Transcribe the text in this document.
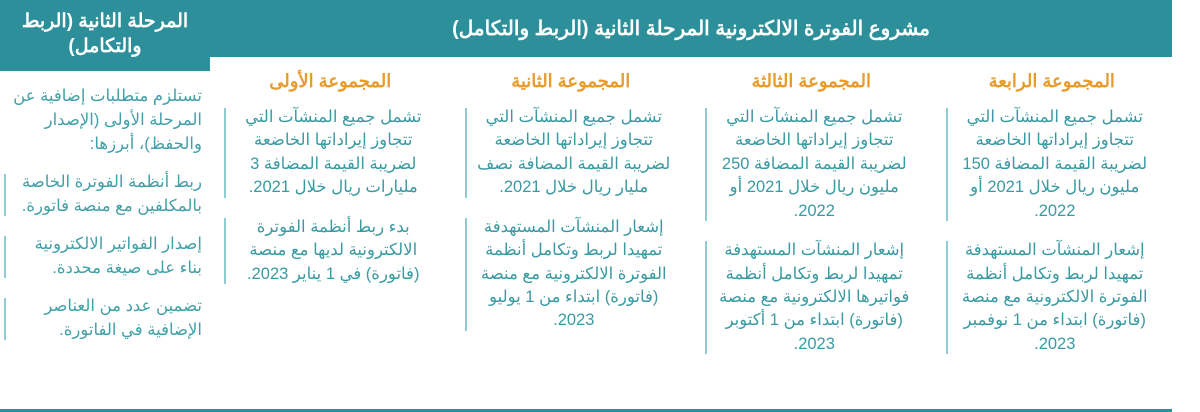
مشروع الفوترة الالكترونية المرحلة الثانية (الربط والتكامل)
المجموعة الرابعة
تشمل جميع المنشآت التي تتجاوز إيراداتها الخاضعة لضريبة القيمة المضافة 150 مليون ريال خلال 2021 أو 2022.
إشعار المنشآت المستهدفة تمهيدا لربط وتكامل أنظمة الفوترة الالكترونية مع منصة (فاتورة) ابتداء من 1 نوفمبر 2023.
المجموعة الثالثة
تشمل جميع المنشآت التي تتجاوز إيراداتها الخاضعة لضريبة القيمة المضافة 250 مليون ريال خلال 2021 أو 2022.
إشعار المنشآت المستهدفة تمهيدا لربط وتكامل أنظمة فواتيرها الالكترونية مع منصة (فاتورة) ابتداء من 1 أكتوبر 2023.
المجموعة الثانية
تشمل جميع المنشآت التي تتجاوز إيراداتها الخاضعة لضريبة القيمة المضافة نصف مليار ريال خلال 2021.
إشعار المنشآت المستهدفة تمهيدا لربط وتكامل أنظمة الفوترة الالكترونية مع منصة (فاتورة) ابتداء من 1 يوليو 2023.
المجموعة الأولى
تشمل جميع المنشآت التي تتجاوز إيراداتها الخاضعة لضريبة القيمة المضافة 3 مليارات ريال خلال 2021.
بدء ربط أنظمة الفوترة الالكترونية لديها مع منصة (فاتورة) في 1 يناير 2023.
المرحلة الثانية (الربط والتكامل)
تستلزم متطلبات إضافية عن المرحلة الأولى (الإصدار والحفظ)، أبرزها:
ربط أنظمة الفوترة الخاصة بالمكلفين مع منصة فاتورة.
إصدار الفواتير الالكترونية بناء على صيغة محددة.
تضمين عدد من العناصر الإضافية في الفاتورة.
